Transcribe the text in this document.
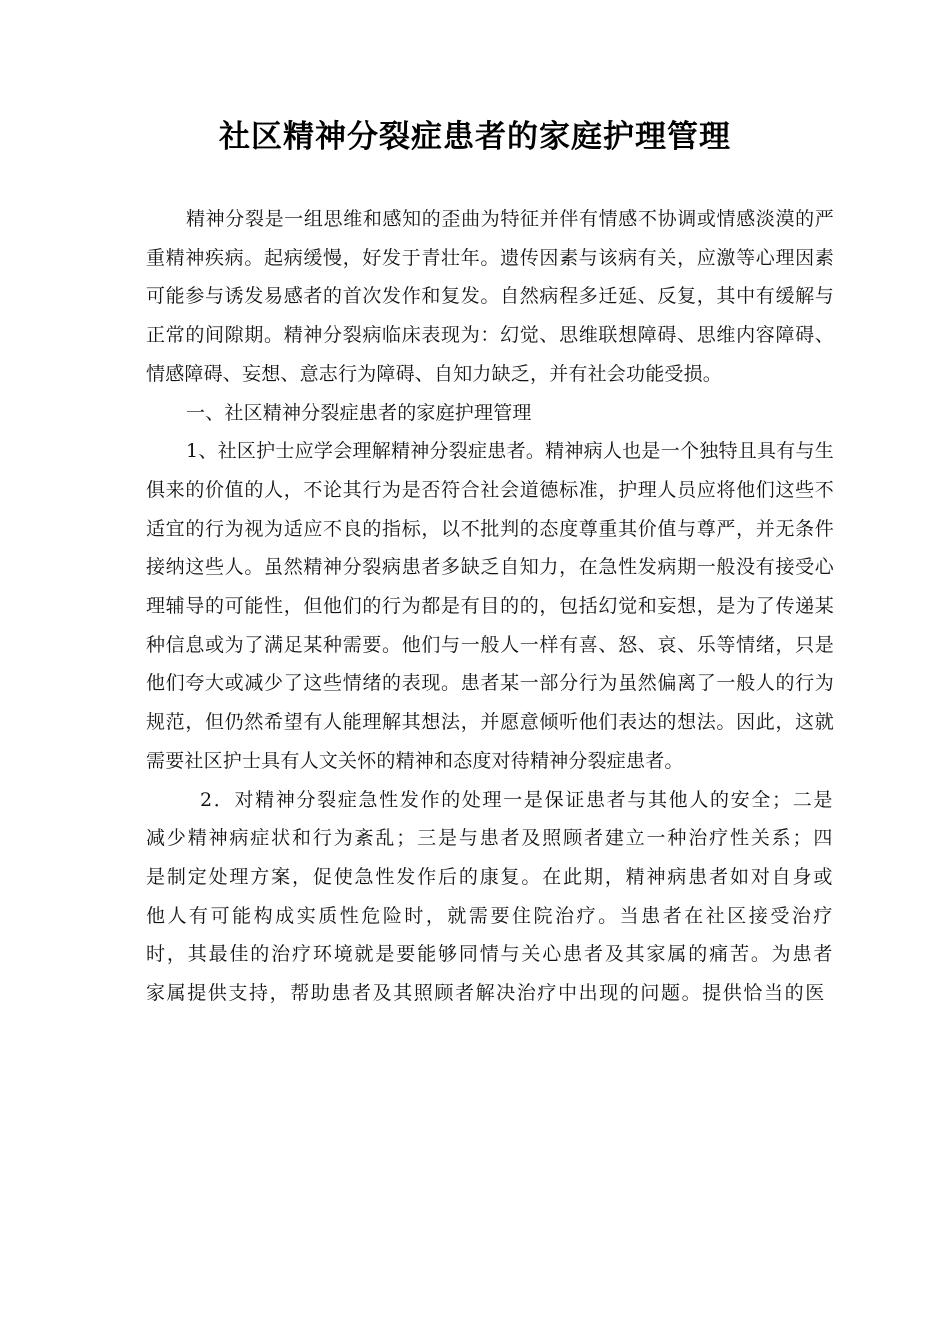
社区精神分裂症患者的家庭护理管理

精神分裂是一组思维和感知的歪曲为特征并伴有情感不协调或情感淡漠的严重精神疾病。起病缓慢，好发于青壮年。遗传因素与该病有关，应激等心理因素可能参与诱发易感者的首次发作和复发。自然病程多迁延、反复，其中有缓解与正常的间隙期。精神分裂病临床表现为：幻觉、思维联想障碍、思维内容障碍、情感障碍、妄想、意志行为障碍、自知力缺乏，并有社会功能受损。

一、社区精神分裂症患者的家庭护理管理

1、社区护士应学会理解精神分裂症患者。精神病人也是一个独特且具有与生俱来的价值的人，不论其行为是否符合社会道德标准，护理人员应将他们这些不适宜的行为视为适应不良的指标，以不批判的态度尊重其价值与尊严，并无条件接纳这些人。虽然精神分裂病患者多缺乏自知力，在急性发病期一般没有接受心理辅导的可能性，但他们的行为都是有目的的，包括幻觉和妄想，是为了传递某种信息或为了满足某种需要。他们与一般人一样有喜、怒、哀、乐等情绪，只是他们夸大或减少了这些情绪的表现。患者某一部分行为虽然偏离了一般人的行为规范，但仍然希望有人能理解其想法，并愿意倾听他们表达的想法。因此，这就需要社区护士具有人文关怀的精神和态度对待精神分裂症患者。

2．对精神分裂症急性发作的处理一是保证患者与其他人的安全；二是减少精神病症状和行为紊乱；三是与患者及照顾者建立一种治疗性关系；四是制定处理方案，促使急性发作后的康复。在此期，精神病患者如对自身或他人有可能构成实质性危险时，就需要住院治疗。当患者在社区接受治疗时，其最佳的治疗环境就是要能够同情与关心患者及其家属的痛苦。为患者家属提供支持，帮助患者及其照顾者解决治疗中出现的问题。提供恰当的医
